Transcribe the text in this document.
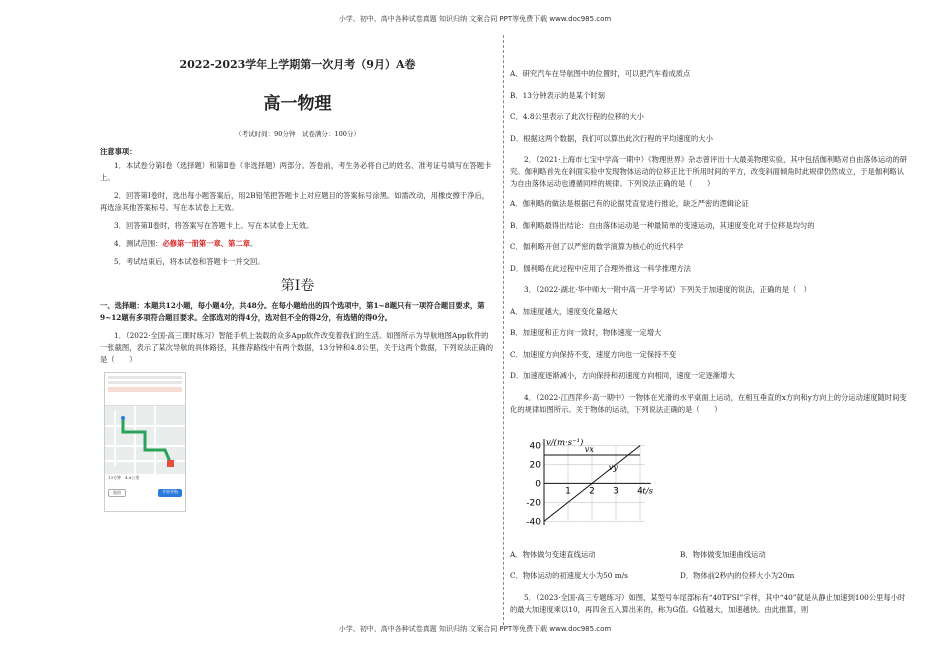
小学、初中、高中各种试卷真题 知识归纳 文案合同 PPT等免费下载 www.doc985.com
2022-2023学年上学期第一次月考（9月）A卷
高一物理
（考试时间：90分钟　试卷满分：100分）
注意事项：
1．本试卷分第Ⅰ卷（选择题）和第Ⅱ卷（非选择题）两部分。答卷前，考生务必将自己的姓名、准考证号填写在答题卡上。
2．回答第Ⅰ卷时，选出每小题答案后，用2B铅笔把答题卡上对应题目的答案标号涂黑。如需改动，用橡皮擦干净后，再选涂其他答案标号。写在本试卷上无效。
3．回答第Ⅱ卷时，将答案写在答题卡上。写在本试卷上无效。
4．测试范围：必修第一册第一章、第二章。
5．考试结束后，将本试卷和答题卡一并交回。
第Ⅰ卷
一、选择题：本题共12小题，每小题4分，共48分。在每小题给出的四个选项中，第1~8题只有一项符合题目要求，第9~12题有多项符合题目要求。全部选对的得4分，选对但不全的得2分，有选错的得0分。
1．（2022·全国·高三课时练习）智能手机上装载的众多App软件改变着我们的生活。如图所示为导航地图App软件的一张截图，表示了某次导航的具体路径，其推荐路线中有两个数据，13分钟和4.8公里，关于这两个数据，下列说法正确的是（　　）
13分钟　 4.8公里
地图	开始导航
A．研究汽车在导航图中的位置时，可以把汽车看成质点
B．13分钟表示的是某个时刻
C．4.8公里表示了此次行程的位移的大小
D．根据这两个数据，我们可以算出此次行程的平均速度的大小
2．（2021·上海市七宝中学高一期中）《物理世界》杂志曾评出十大最美物理实验，其中包括伽利略对自由落体运动的研究。伽利略首先在斜面实验中发现物体运动的位移正比于所用时间的平方，改变斜面倾角时此规律仍然成立，于是伽利略认为自由落体运动也遵循同样的规律。下列说法正确的是（　　）
A．伽利略的做法是根据已有的论据凭直觉进行推论，缺乏严密的逻辑论证
B．伽利略最得出结论：自由落体运动是一种最简单的变速运动，其速度变化对于位移是均匀的
C．伽利略开创了以严密的数学演算为核心的近代科学
D．伽利略在此过程中应用了合理外推这一科学推理方法
3．（2022·湖北·华中师大一附中高一开学考试）下列关于加速度的说法，正确的是（　）
A．加速度越大，速度变化量越大
B．加速度和正方向一致时，物体速度一定增大
C．加速度方向保持不变，速度方向也一定保持不变
D．加速度逐渐减小，方向保持和初速度方向相同，速度一定逐渐增大
4．（2022·江西萍乡·高一期中）一物体在光滑的水平桌面上运动，在相互垂直的x方向和y方向上的分运动速度随时间变化的规律如图所示。关于物体的运动，下列说法正确的是（　　）
40
20
0
-20
-40
1 2 3 4
v/(m·s⁻¹)
t/s
vx
vy
A．物体做匀变速直线运动	B．物体做变加速曲线运动
C．物体运动的初速度大小为50 m/s	D．物体前2秒内的位移大小为20m
5．（2023·全国·高三专题练习）如图，某型号车尾部标有“40TFSI”字样，其中“40”就是从静止加速到100公里每小时的最大加速度乘以10，再四舍五入算出来的，称为G值。G值越大，加速越快。由此推算，则
小学、初中、高中各种试卷真题 知识归纳 文案合同 PPT等免费下载 www.doc985.com
